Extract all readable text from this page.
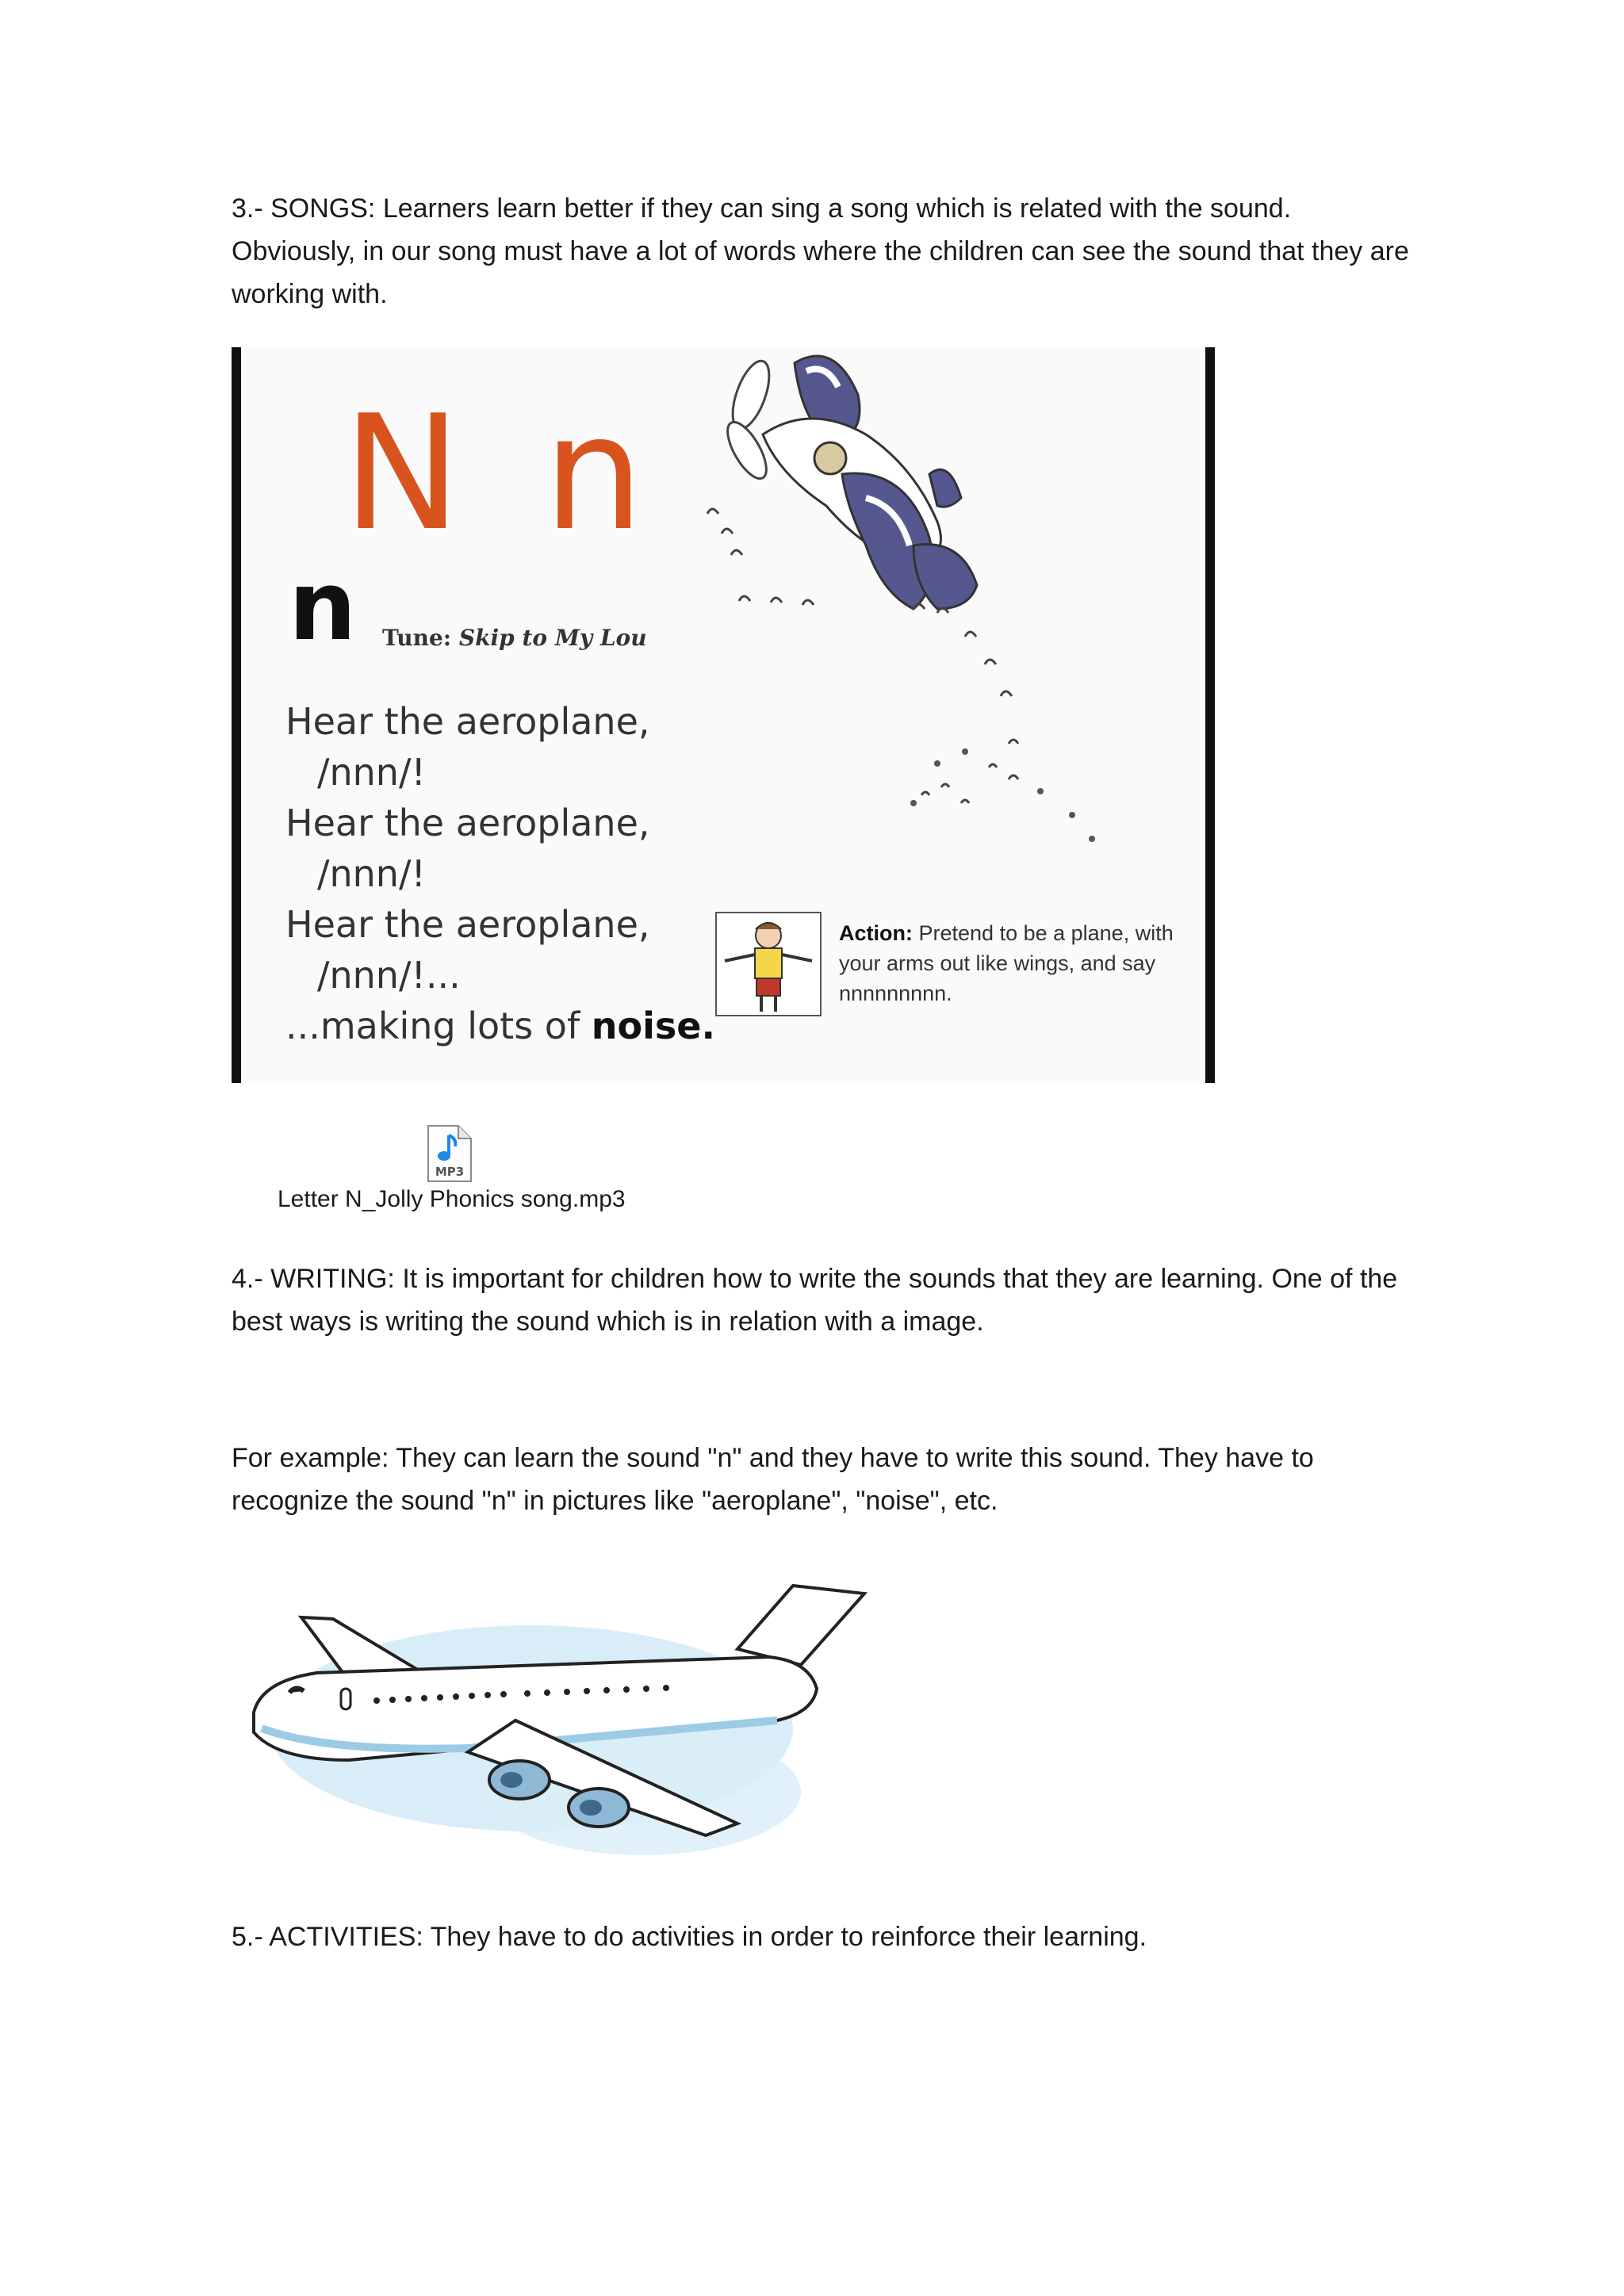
3.- SONGS: Learners learn better if they can sing a song which is related with the sound. Obviously, in our song must have a lot of words where the children can see the sound that they are working with.

N n
n Tune: Skip to My Lou
Hear the aeroplane,
/nnn/!
Hear the aeroplane,
/nnn/!
Hear the aeroplane,
/nnn/!...
...making lots of noise.
Action: Pretend to be a plane, with your arms out like wings, and say nnnnnnnnn.
MP3
Letter N_Jolly Phonics song.mp3

4.- WRITING: It is important for children how to write the sounds that they are learning. One of the best ways is writing the sound which is in relation with a image.

For example: They can learn the sound "n" and they have to write this sound. They have to recognize the sound "n" in pictures like "aeroplane", "noise", etc.

5.- ACTIVITIES: They have to do activities in order to reinforce their learning.
